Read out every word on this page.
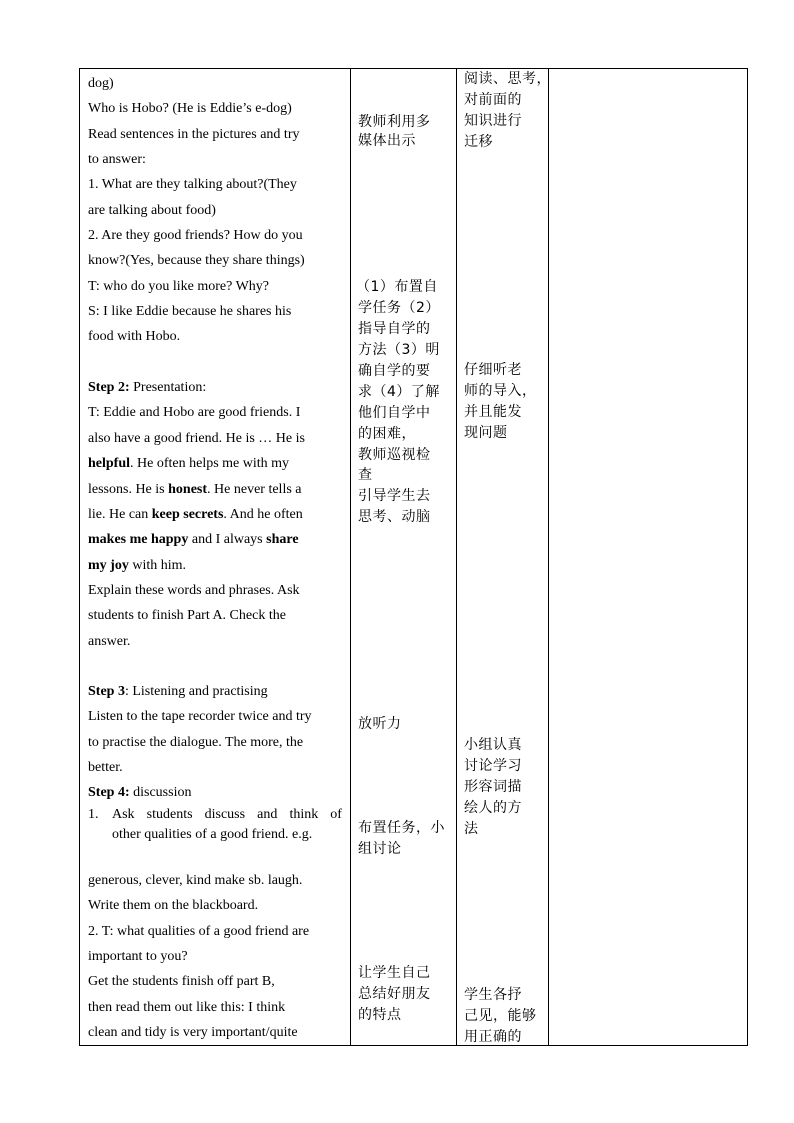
dog)
Who is Hobo? (He is Eddie’s e-dog)
Read sentences in the pictures and try
to answer:
1. What are they talking about?(They
are talking about food)
2. Are they good friends? How do you
know?(Yes, because they share things)
T: who do you like more? Why?
S: I like Eddie because he shares his
food with Hobo.
Step 2: Presentation:
T: Eddie and Hobo are good friends. I
also have a good friend. He is … He is
helpful. He often helps me with my
lessons. He is honest. He never tells a
lie. He can keep secrets. And he often
makes me happy and I always share
my joy with him.
Explain these words and phrases. Ask
students to finish Part A. Check the
answer.
Step 3: Listening and practising
Listen to the tape recorder twice and try
to practise the dialogue. The more, the
better.
Step 4: discussion
1. Ask students discuss and think of
other qualities of a good friend. e.g.
generous, clever, kind make sb. laugh.
Write them on the blackboard.
2. T: what qualities of a good friend are
important to you?
Get the students finish off part B,
then read them out like this: I think
clean and tidy is very important/quite
教师利用多
媒体出示
（1）布置自
学任务（2）
指导自学的
方法（3）明
确自学的要
求（4）了解
他们自学中
的困难，
教师巡视检
查
引导学生去
思考、动脑
放听力
布置任务，小
组讨论
让学生自己
总结好朋友
的特点
阅读、思考，
对前面的
知识进行
迁移
仔细听老
师的导入，
并且能发
现问题
小组认真
讨论学习
形容词描
绘人的方
法
学生各抒
己见，能够
用正确的
